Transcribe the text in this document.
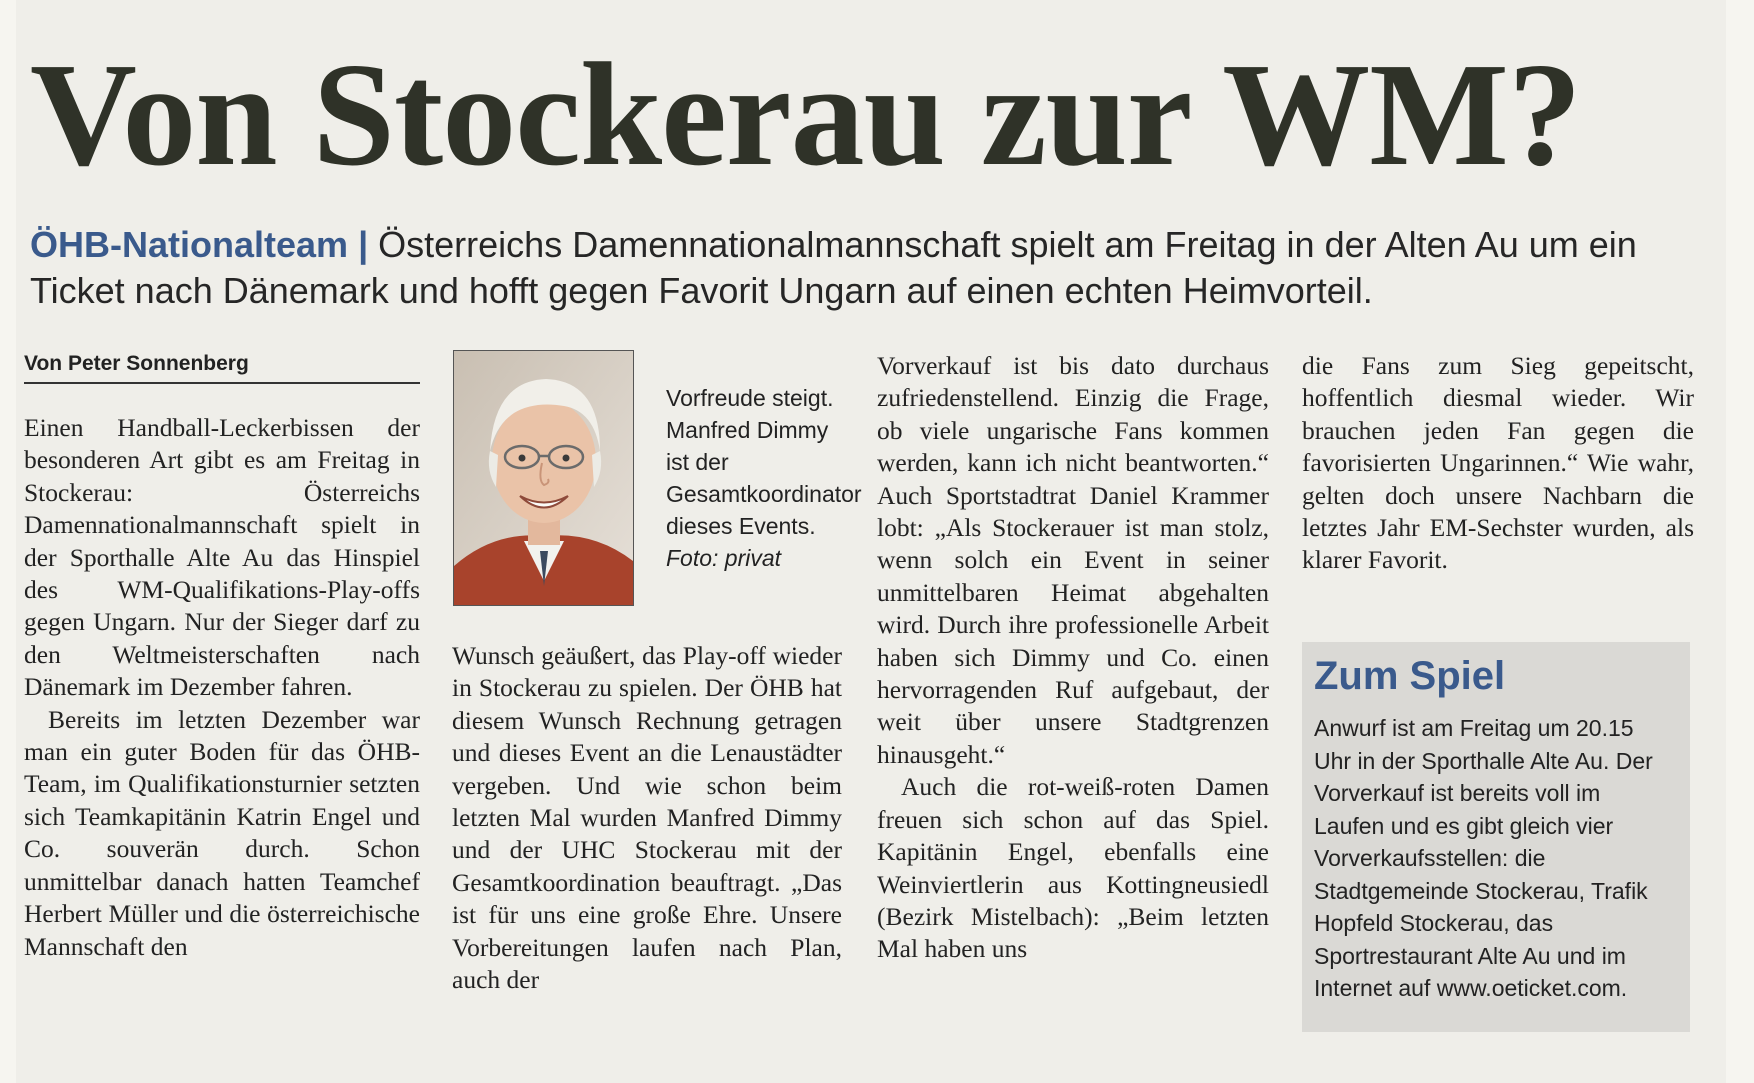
Von Stockerau zur WM?
ÖHB-Nationalteam | Österreichs Damennationalmannschaft spielt am Freitag in der Alten Au um ein Ticket nach Dänemark und hofft gegen Favorit Ungarn auf einen echten Heimvorteil.
Von Peter Sonnenberg

Einen Handball-Leckerbissen der besonderen Art gibt es am Freitag in Stockerau: Österreichs Damennationalmannschaft spielt in der Sporthalle Alte Au das Hinspiel des WM-Qualifikations-Play-offs gegen Ungarn. Nur der Sieger darf zu den Weltmeisterschaften nach Dänemark im Dezember fahren.

Bereits im letzten Dezember war man ein guter Boden für das ÖHB-Team, im Qualifikationsturnier setzten sich Teamkapitänin Katrin Engel und Co. souverän durch. Schon unmittelbar danach hatten Teamchef Herbert Müller und die österreichische Mannschaft den

Vorfreude steigt. Manfred Dimmy ist der Gesamtkoordinator dieses Events.
Foto: privat

Wunsch geäußert, das Play-off wieder in Stockerau zu spielen. Der ÖHB hat diesem Wunsch Rechnung getragen und dieses Event an die Lenaustädter vergeben. Und wie schon beim letzten Mal wurden Manfred Dimmy und der UHC Stockerau mit der Gesamtkoordination beauftragt. „Das ist für uns eine große Ehre. Unsere Vorbereitungen laufen nach Plan, auch der

Vorverkauf ist bis dato durchaus zufriedenstellend. Einzig die Frage, ob viele ungarische Fans kommen werden, kann ich nicht beantworten.“ Auch Sportstadtrat Daniel Krammer lobt: „Als Stockerauer ist man stolz, wenn solch ein Event in seiner unmittelbaren Heimat abgehalten wird. Durch ihre professionelle Arbeit haben sich Dimmy und Co. einen hervorragenden Ruf aufgebaut, der weit über unsere Stadtgrenzen hinausgeht.“

Auch die rot-weiß-roten Damen freuen sich schon auf das Spiel. Kapitänin Engel, ebenfalls eine Weinviertlerin aus Kottingneusiedl (Bezirk Mistelbach): „Beim letzten Mal haben uns

die Fans zum Sieg gepeitscht, hoffentlich diesmal wieder. Wir brauchen jeden Fan gegen die favorisierten Ungarinnen.“ Wie wahr, gelten doch unsere Nachbarn die letztes Jahr EM-Sechster wurden, als klarer Favorit.

Zum Spiel
Anwurf ist am Freitag um 20.15 Uhr in der Sporthalle Alte Au. Der Vorverkauf ist bereits voll im Laufen und es gibt gleich vier Vorverkaufsstellen: die Stadtgemeinde Stockerau, Trafik Hopfeld Stockerau, das Sportrestaurant Alte Au und im Internet auf www.oeticket.com.
